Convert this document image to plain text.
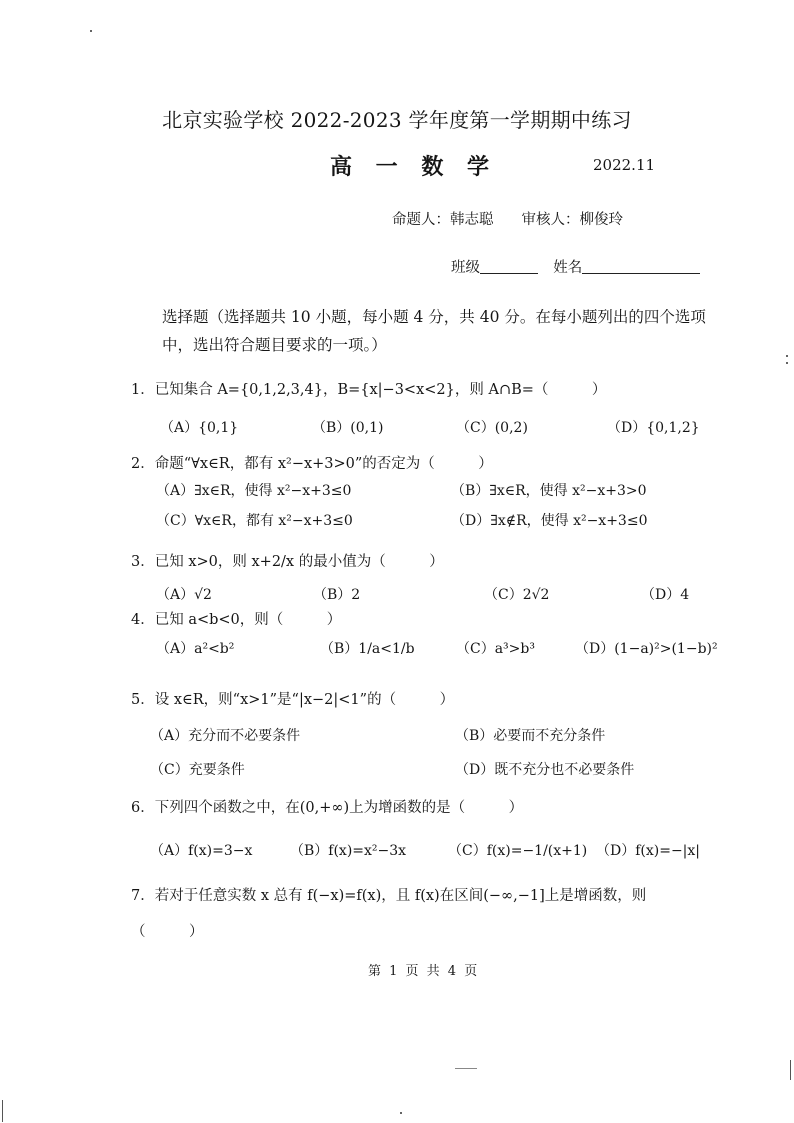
北京实验学校 2022-2023 学年度第一学期期中练习
高 一 数 学	2022.11
命题人：韩志聪 审核人：柳俊玲
班级	姓名
选择题（选择题共 10 小题，每小题 4 分，共 40 分。在每小题列出的四个选项中，选出符合题目要求的一项。）
1．已知集合 A={0,1,2,3,4}，B={x|−3<x<2}，则 A∩B=（　　　）
（A）{0,1}	（B）(0,1)	（C）(0,2)	（D）{0,1,2}
2．命题“∀x∈R，都有 x²−x+3>0”的否定为（　　　）
（A）∃x∈R，使得 x²−x+3≤0	（B）∃x∈R，使得 x²−x+3>0
（C）∀x∈R，都有 x²−x+3≤0	（D）∃x∉R，使得 x²−x+3≤0
3．已知 x>0，则 x+2/x 的最小值为（　　　）
（A）√2	（B）2	（C）2√2	（D）4
4．已知 a<b<0，则（　　　）
（A）a²<b²	（B）1/a<1/b	（C）a³>b³	（D）(1−a)²>(1−b)²
5．设 x∈R，则“x>1”是“|x−2|<1”的（　　　）
（A）充分而不必要条件	（B）必要而不充分条件
（C）充要条件	（D）既不充分也不必要条件
6．下列四个函数之中，在(0,+∞)上为增函数的是（　　　）
（A）f(x)=3−x	（B）f(x)=x²−3x	（C）f(x)=−1/(x+1) （D）f(x)=−|x|
7．若对于任意实数 x 总有 f(−x)=f(x)，且 f(x)在区间(−∞,−1]上是增函数，则
（　　　）
第 1 页 共 4 页
